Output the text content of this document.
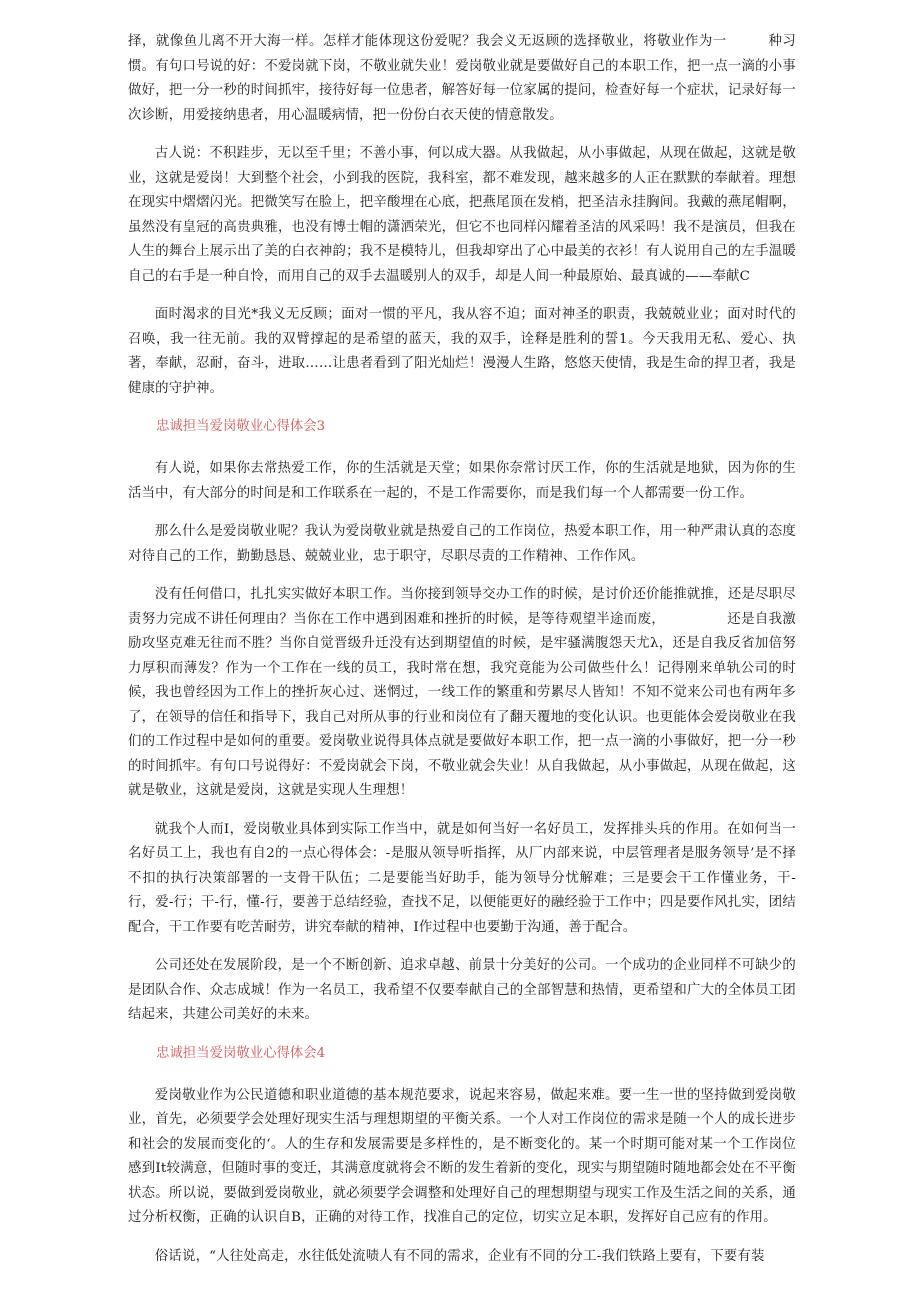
择，就像鱼儿离不开大海一样。怎样才能体现这份爱呢？我会义无返顾的选择敬业，将敬业作为一　　　种习惯。有句口号说的好：不爱岗就下岗，不敬业就失业！爱岗敬业就是要做好自己的本职工作，把一点一滴的小事做好，把一分一秒的时间抓牢，接待好每一位患者，解答好每一位家属的提问，检查好每一个症状，记录好每一次诊断，用爱接纳患者，用心温暖病情，把一份份白衣天使的情意散发。

古人说：不积跬步，无以至千里；不善小事，何以成大器。从我做起，从小事做起，从现在做起，这就是敬业，这就是爱岗！大到整个社会，小到我的医院，我科室，都不难发现，越来越多的人正在默默的奉献着。理想在现实中熠熠闪光。把微笑写在脸上，把辛酸埋在心底，把燕尾顶在发梢，把圣洁永挂胸间。我戴的燕尾帽啊，虽然没有皇冠的高贵典雅，也没有博士帽的潇洒荣光，但它不也同样闪耀着圣洁的风采吗！我不是演员，但我在人生的舞台上展示出了美的白衣神韵；我不是模特儿，但我却穿出了心中最美的衣衫！有人说用自己的左手温暖自己的右手是一种自怜，而用自己的双手去温暖别人的双手，却是人间一种最原始、最真诚的——奉献C

面时渴求的目光*我义无反顾；面对一惯的平凡，我从容不迫；面对神圣的职责，我兢兢业业；面对时代的召唤，我一往无前。我的双臂撑起的是希望的蓝天，我的双手，诠释是胜利的誓1。今天我用无私、爱心、执著，奉献，忍耐，奋斗，进取……让患者看到了阳光灿烂！漫漫人生路，悠悠天使情，我是生命的捍卫者，我是健康的守护神。

忠诚担当爱岗敬业心得体会3

有人说，如果你去常热爱工作，你的生活就是天堂；如果你奈常讨厌工作，你的生活就是地狱，因为你的生活当中，有大部分的时间是和工作联系在一起的，不是工作需要你，而是我们每一个人都需要一份工作。

那么什么是爱岗敬业呢？我认为爱岗敬业就是热爱自己的工作岗位，热爱本职工作，用一种严肃认真的态度对待自己的工作，勤勤恳恳、兢兢业业，忠于职守，尽职尽责的工作精神、工作作风。

没有任何借口，扎扎实实做好本职工作。当你接到领导交办工作的时候，是讨价还价能推就推，还是尽职尽责努力完成不讲任何理由？当你在工作中遇到困难和挫折的时候，是等待观望半途而废，　　　　　还是自我激励攻坚克难无往而不胜？当你自觉晋级升迁没有达到期望值的时候，是牢骚满腹怨天尤λ，还是自我反省加倍努力厚积而薄发？作为一个工作在一线的员工，我时常在想，我究竟能为公司做些什么！记得刚来单轨公司的时候，我也曾经因为工作上的挫折灰心过、迷惘过，一线工作的繁重和劳累尽人皆知！不知不觉来公司也有两年多了，在领导的信任和指导下，我自己对所从事的行业和岗位有了翻天覆地的变化认识。也更能体会爱岗敬业在我们的工作过程中是如何的重要。爱岗敬业说得具体点就是要做好本职工作，把一点一滴的小事做好，把一分一秒的时间抓牢。有句口号说得好：不爱岗就会下岗，不敬业就会失业！从自我做起，从小事做起，从现在做起，这就是敬业，这就是爱岗，这就是实现人生理想！

就我个人而I，爱岗敬业具体到实际工作当中，就是如何当好一名好员工，发挥排头兵的作用。在如何当一名好员工上，我也有自2的一点心得体会：-是服从领导听指挥，从厂内部来说，中层管理者是服务领导’是不择不扣的执行决策部署的一支骨干队伍；二是要能当好助手，能为领导分忧解难；三是要会干工作懂业务，干-行，爱-行；干-行，懂-行，要善于总结经验，查找不足，以便能更好的融经验于工作中；四是要作风扎实，团结配合，干工作要有吃苦耐劳，讲究奉献的精神，I作过程中也要勤于沟通，善于配合。

公司还处在发展阶段，是一个不断创新、追求卓越、前景十分美好的公司。一个成功的企业同样不可缺少的是团队合作、众志成城！作为一名员工，我希望不仅要奉献自己的全部智慧和热情，更希望和广大的全体员工团结起来，共建公司美好的未来。

忠诚担当爱岗敬业心得体会4

爱岗敬业作为公民道德和职业道德的基本规范要求，说起来容易，做起来难。要一生一世的坚持做到爱岗敬业，首先，必须要学会处理好现实生活与理想期望的平衡关系。一个人对工作岗位的需求是随一个人的成长进步和社会的发展而变化的‘。人的生存和发展需要是多样性的，是不断变化的。某一个时期可能对某一个工作岗位感到It较满意，但随时事的变迁，其满意度就将会不断的发生着新的变化，现实与期望随时随地都会处在不平衡状态。所以说，要做到爱岗敬业，就必须要学会调整和处理好自己的理想期望与现实工作及生活之间的关系，通过分析权衡，正确的认识自B，正确的对待工作，找准自己的定位，切实立足本职，发挥好自己应有的作用。

俗话说，“人往处高走，水往低处流啧人有不同的需求，企业有不同的分工-我们铁路上要有，下要有装
